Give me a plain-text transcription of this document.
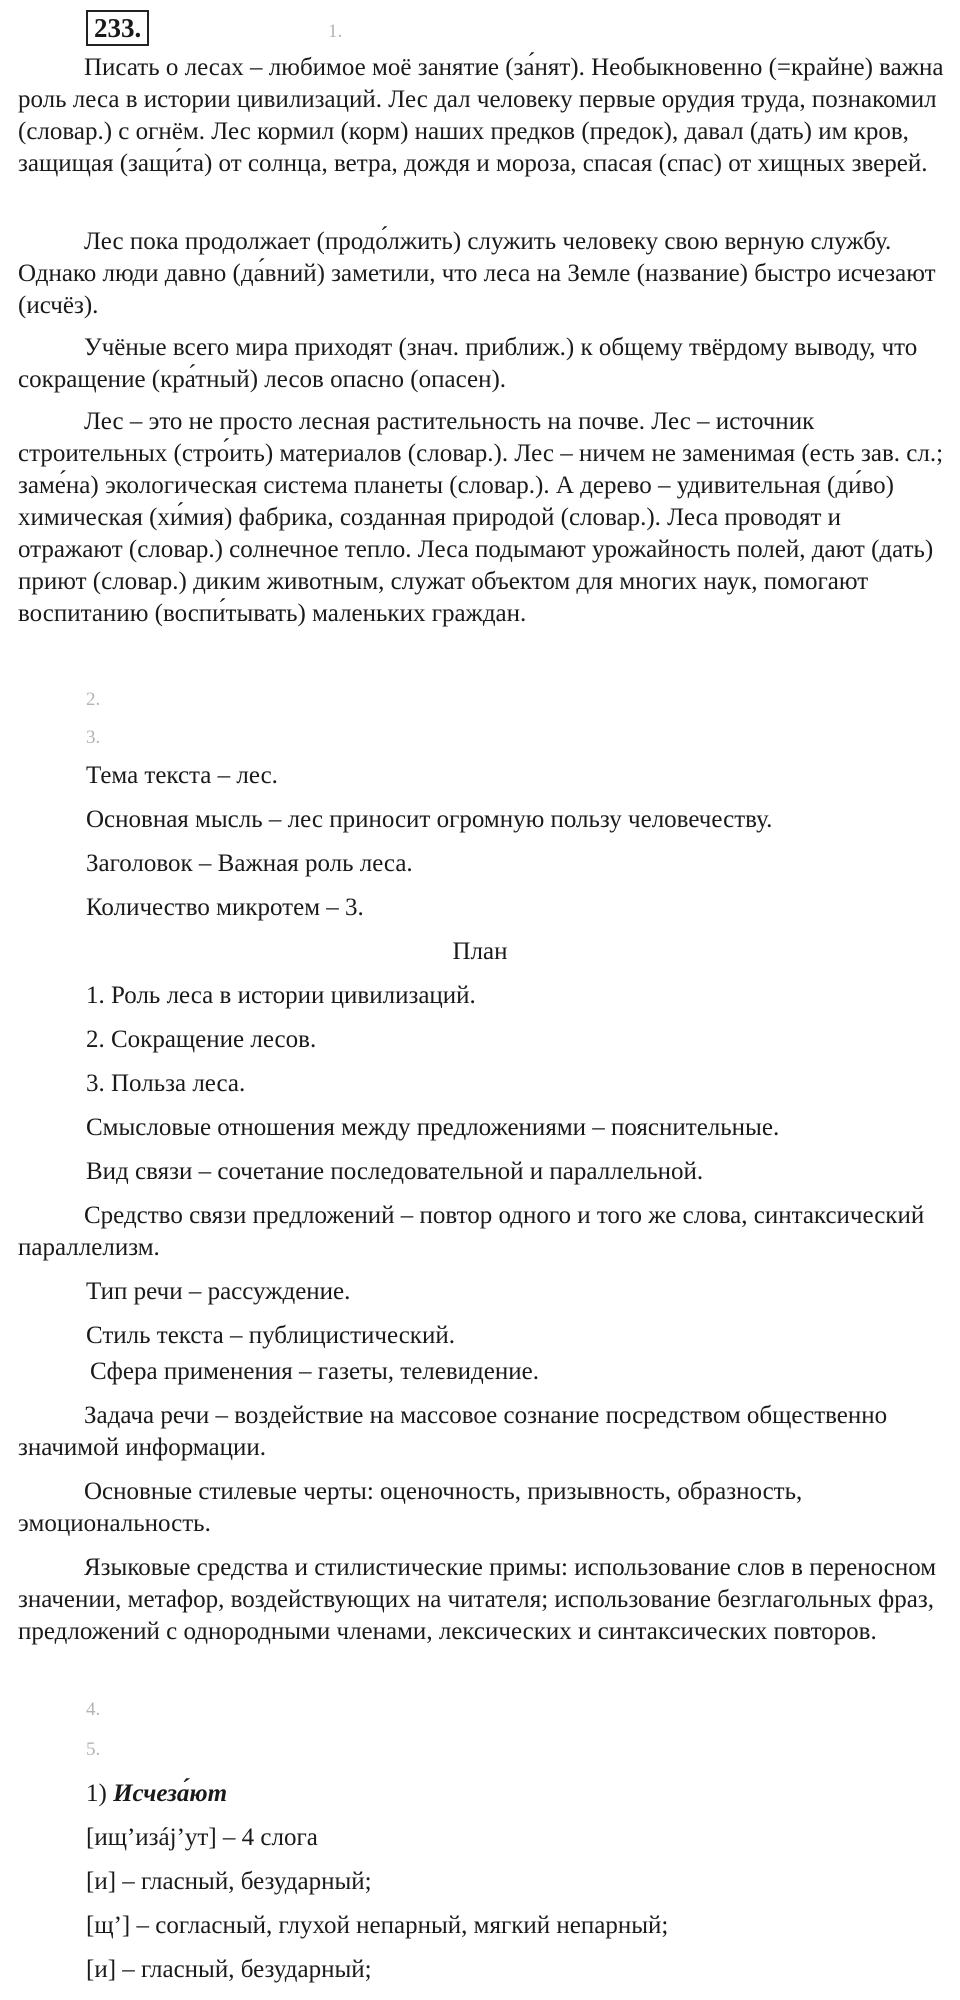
233.	1.

Писать о лесах – любимое моё занятие (за́нят). Необыкновенно (=крайне) важна роль леса в истории цивилизаций. Лес дал человеку первые орудия труда, познакомил (словар.) с огнём. Лес кормил (корм) наших предков (предок), давал (дать) им кров, защищая (защи́та) от солнца, ветра, дождя и мороза, спасая (спас) от хищных зверей.

Лес пока продолжает (продо́лжить) служить человеку свою верную службу. Однако люди давно (да́вний) заметили, что леса на Земле (название) быстро исчезают (исчёз).

Учёные всего мира приходят (знач. приближ.) к общему твёрдому выводу, что сокращение (кра́тный) лесов опасно (опасен).

Лес – это не просто лесная растительность на почве. Лес – источник строительных (стро́ить) материалов (словар.). Лес – ничем не заменимая (есть зав. сл.; заме́на) экологическая система планеты (словар.). А дерево – удивительная (ди́во) химическая (хи́мия) фабрика, созданная природой (словар.). Леса проводят и отражают (словар.) солнечное тепло. Леса подымают урожайность полей, дают (дать) приют (словар.) диким животным, служат объектом для многих наук, помогают воспитанию (воспи́тывать) маленьких граждан.

2.
3.

Тема текста – лес.

Основная мысль – лес приносит огромную пользу человечеству.

Заголовок – Важная роль леса.

Количество микротем – 3.

План

1. Роль леса в истории цивилизаций.

2. Сокращение лесов.

3. Польза леса.

Смысловые отношения между предложениями – пояснительные.

Вид связи – сочетание последовательной и параллельной.

Средство связи предложений – повтор одного и того же слова, синтаксический параллелизм.

Тип речи – рассуждение.

Стиль текста – публицистический.

Сфера применения – газеты, телевидение.

Задача речи – воздействие на массовое сознание посредством общественно значимой информации.

Основные стилевые черты: оценочность, призывность, образность, эмоциональность.

Языковые средства и стилистические примы: использование слов в переносном значении, метафор, воздействующих на читателя; использование безглагольных фраз, предложений с однородными членами, лексических и синтаксических повторов.

4.
5.

1) Исчеза́ют

[ищ’изáj’ут] – 4 слога

[и] – гласный, безударный;

[щ’] – согласный, глухой непарный, мягкий непарный;

[и] – гласный, безударный;
